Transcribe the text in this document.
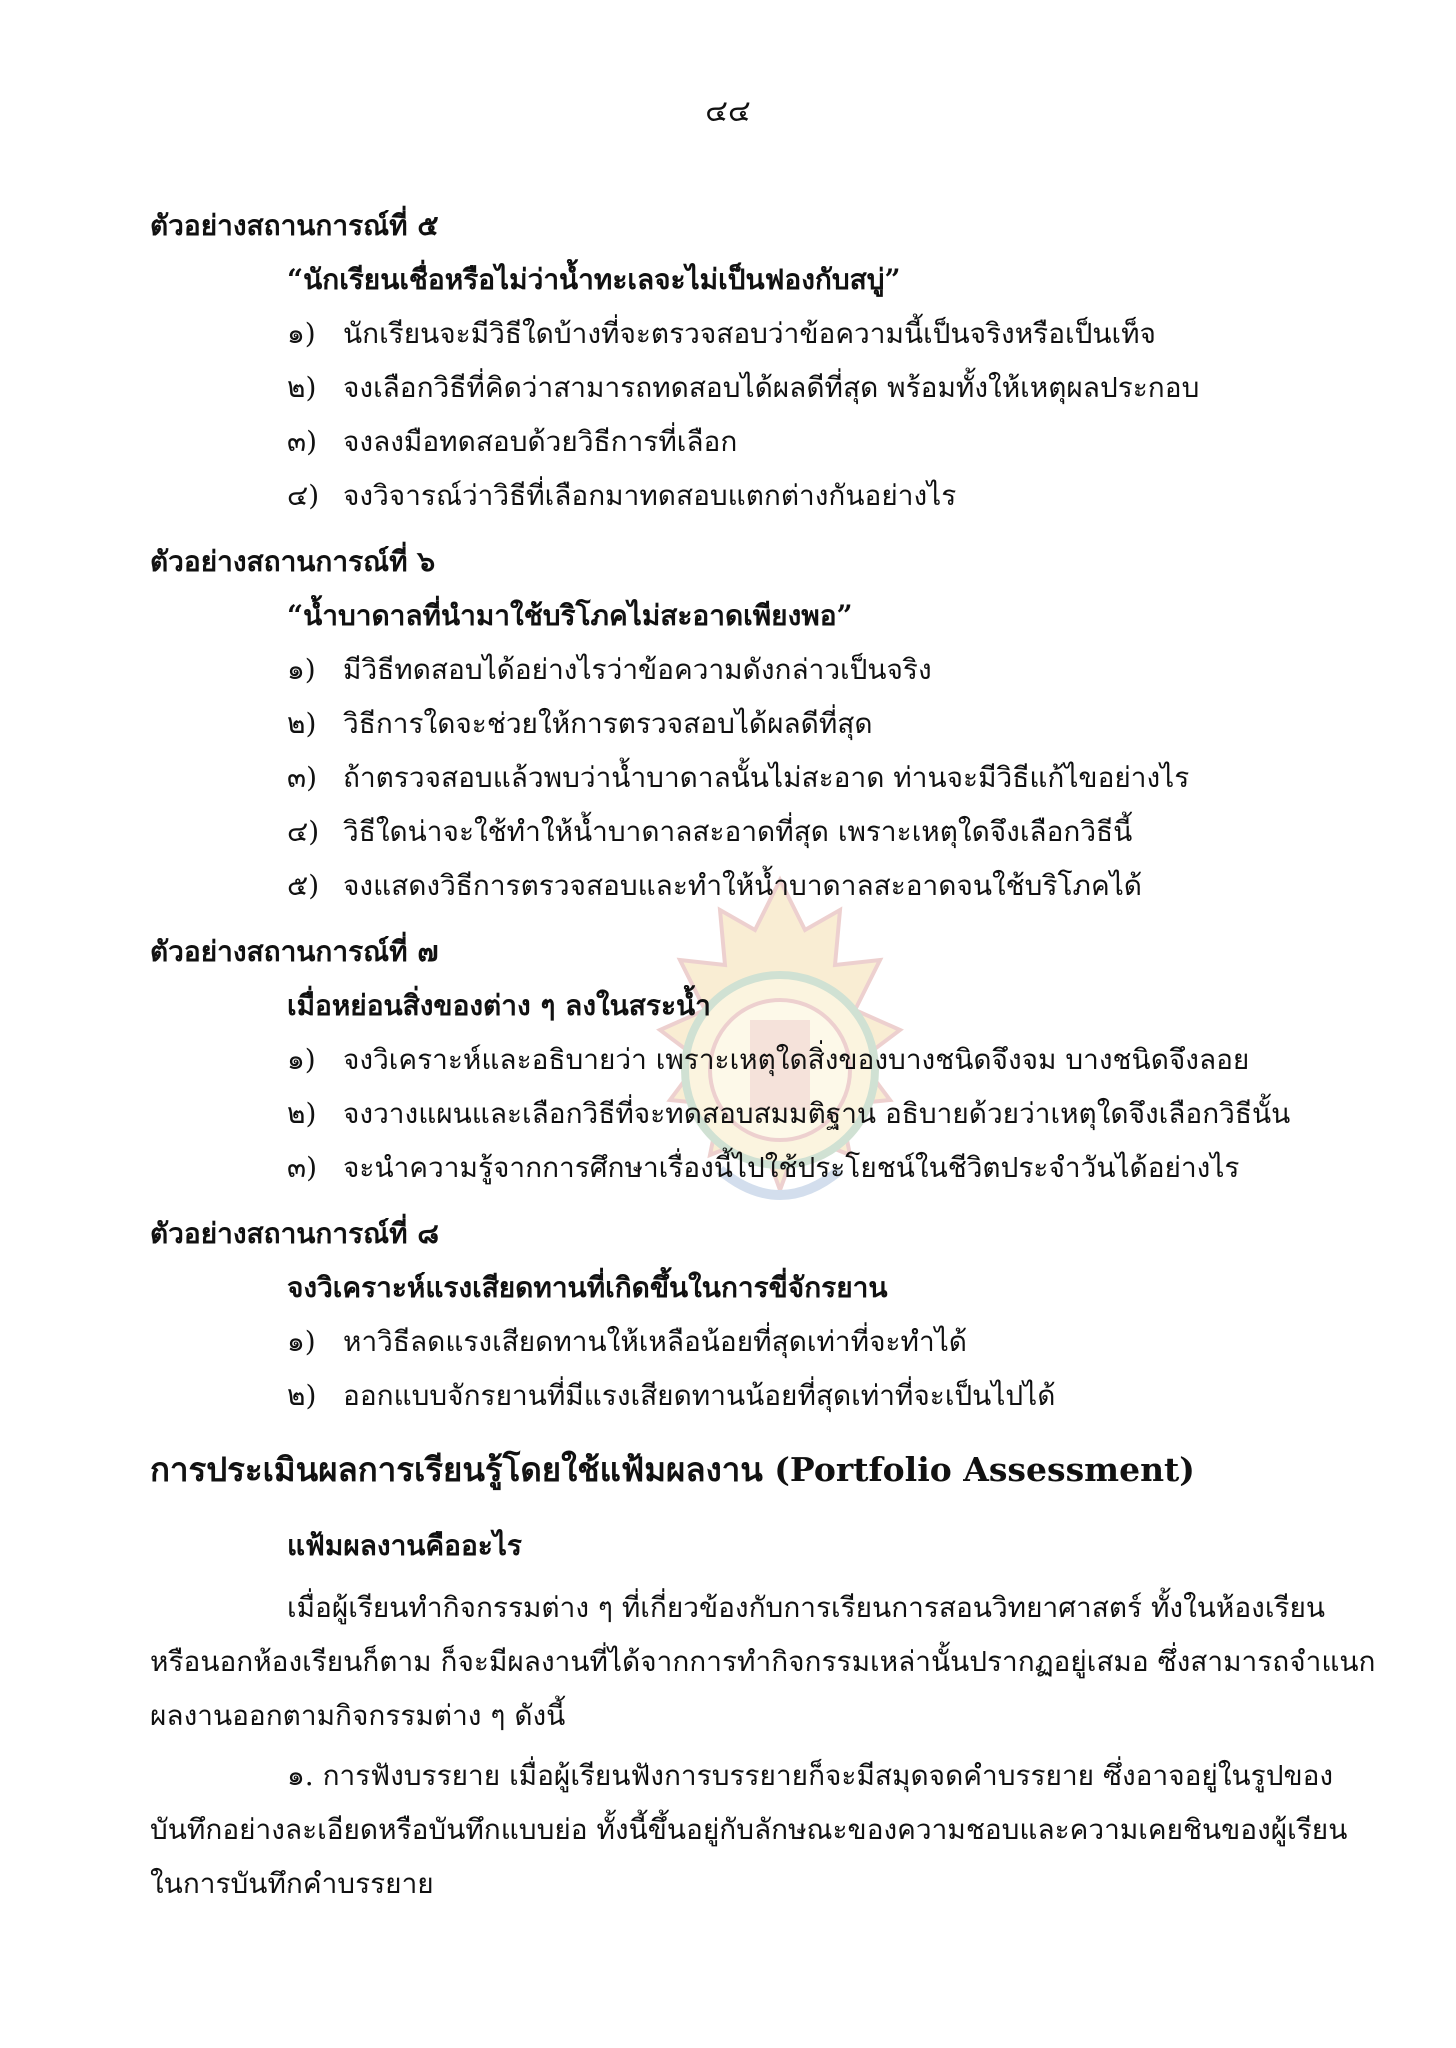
๔๔
ตัวอย่างสถานการณ์ที่ ๕
“นักเรียนเชื่อหรือไม่ว่าน้ำทะเลจะไม่เป็นฟองกับสบู่”
๑) นักเรียนจะมีวิธีใดบ้างที่จะตรวจสอบว่าข้อความนี้เป็นจริงหรือเป็นเท็จ
๒) จงเลือกวิธีที่คิดว่าสามารถทดสอบได้ผลดีที่สุด พร้อมทั้งให้เหตุผลประกอบ
๓) จงลงมือทดสอบด้วยวิธีการที่เลือก
๔) จงวิจารณ์ว่าวิธีที่เลือกมาทดสอบแตกต่างกันอย่างไร
ตัวอย่างสถานการณ์ที่ ๖
“น้ำบาดาลที่นำมาใช้บริโภคไม่สะอาดเพียงพอ”
๑) มีวิธีทดสอบได้อย่างไรว่าข้อความดังกล่าวเป็นจริง
๒) วิธีการใดจะช่วยให้การตรวจสอบได้ผลดีที่สุด
๓) ถ้าตรวจสอบแล้วพบว่าน้ำบาดาลนั้นไม่สะอาด ท่านจะมีวิธีแก้ไขอย่างไร
๔) วิธีใดน่าจะใช้ทำให้น้ำบาดาลสะอาดที่สุด เพราะเหตุใดจึงเลือกวิธีนี้
๕) จงแสดงวิธีการตรวจสอบและทำให้น้ำบาดาลสะอาดจนใช้บริโภคได้
ตัวอย่างสถานการณ์ที่ ๗
เมื่อหย่อนสิ่งของต่าง ๆ ลงในสระน้ำ
๑) จงวิเคราะห์และอธิบายว่า เพราะเหตุใดสิ่งของบางชนิดจึงจม บางชนิดจึงลอย
๒) จงวางแผนและเลือกวิธีที่จะทดสอบสมมติฐาน อธิบายด้วยว่าเหตุใดจึงเลือกวิธีนั้น
๓) จะนำความรู้จากการศึกษาเรื่องนี้ไปใช้ประโยชน์ในชีวิตประจำวันได้อย่างไร
ตัวอย่างสถานการณ์ที่ ๘
จงวิเคราะห์แรงเสียดทานที่เกิดขึ้นในการขี่จักรยาน
๑) หาวิธีลดแรงเสียดทานให้เหลือน้อยที่สุดเท่าที่จะทำได้
๒) ออกแบบจักรยานที่มีแรงเสียดทานน้อยที่สุดเท่าที่จะเป็นไปได้
การประเมินผลการเรียนรู้โดยใช้แฟ้มผลงาน (Portfolio Assessment)
แฟ้มผลงานคืออะไร
เมื่อผู้เรียนทำกิจกรรมต่าง ๆ ที่เกี่ยวข้องกับการเรียนการสอนวิทยาศาสตร์ ทั้งในห้องเรียน
หรือนอกห้องเรียนก็ตาม ก็จะมีผลงานที่ได้จากการทำกิจกรรมเหล่านั้นปรากฏอยู่เสมอ ซึ่งสามารถจำแนก
ผลงานออกตามกิจกรรมต่าง ๆ ดังนี้
๑. การฟังบรรยาย เมื่อผู้เรียนฟังการบรรยายก็จะมีสมุดจดคำบรรยาย ซึ่งอาจอยู่ในรูปของ
บันทึกอย่างละเอียดหรือบันทึกแบบย่อ ทั้งนี้ขึ้นอยู่กับลักษณะของความชอบและความเคยชินของผู้เรียน
ในการบันทึกคำบรรยาย
